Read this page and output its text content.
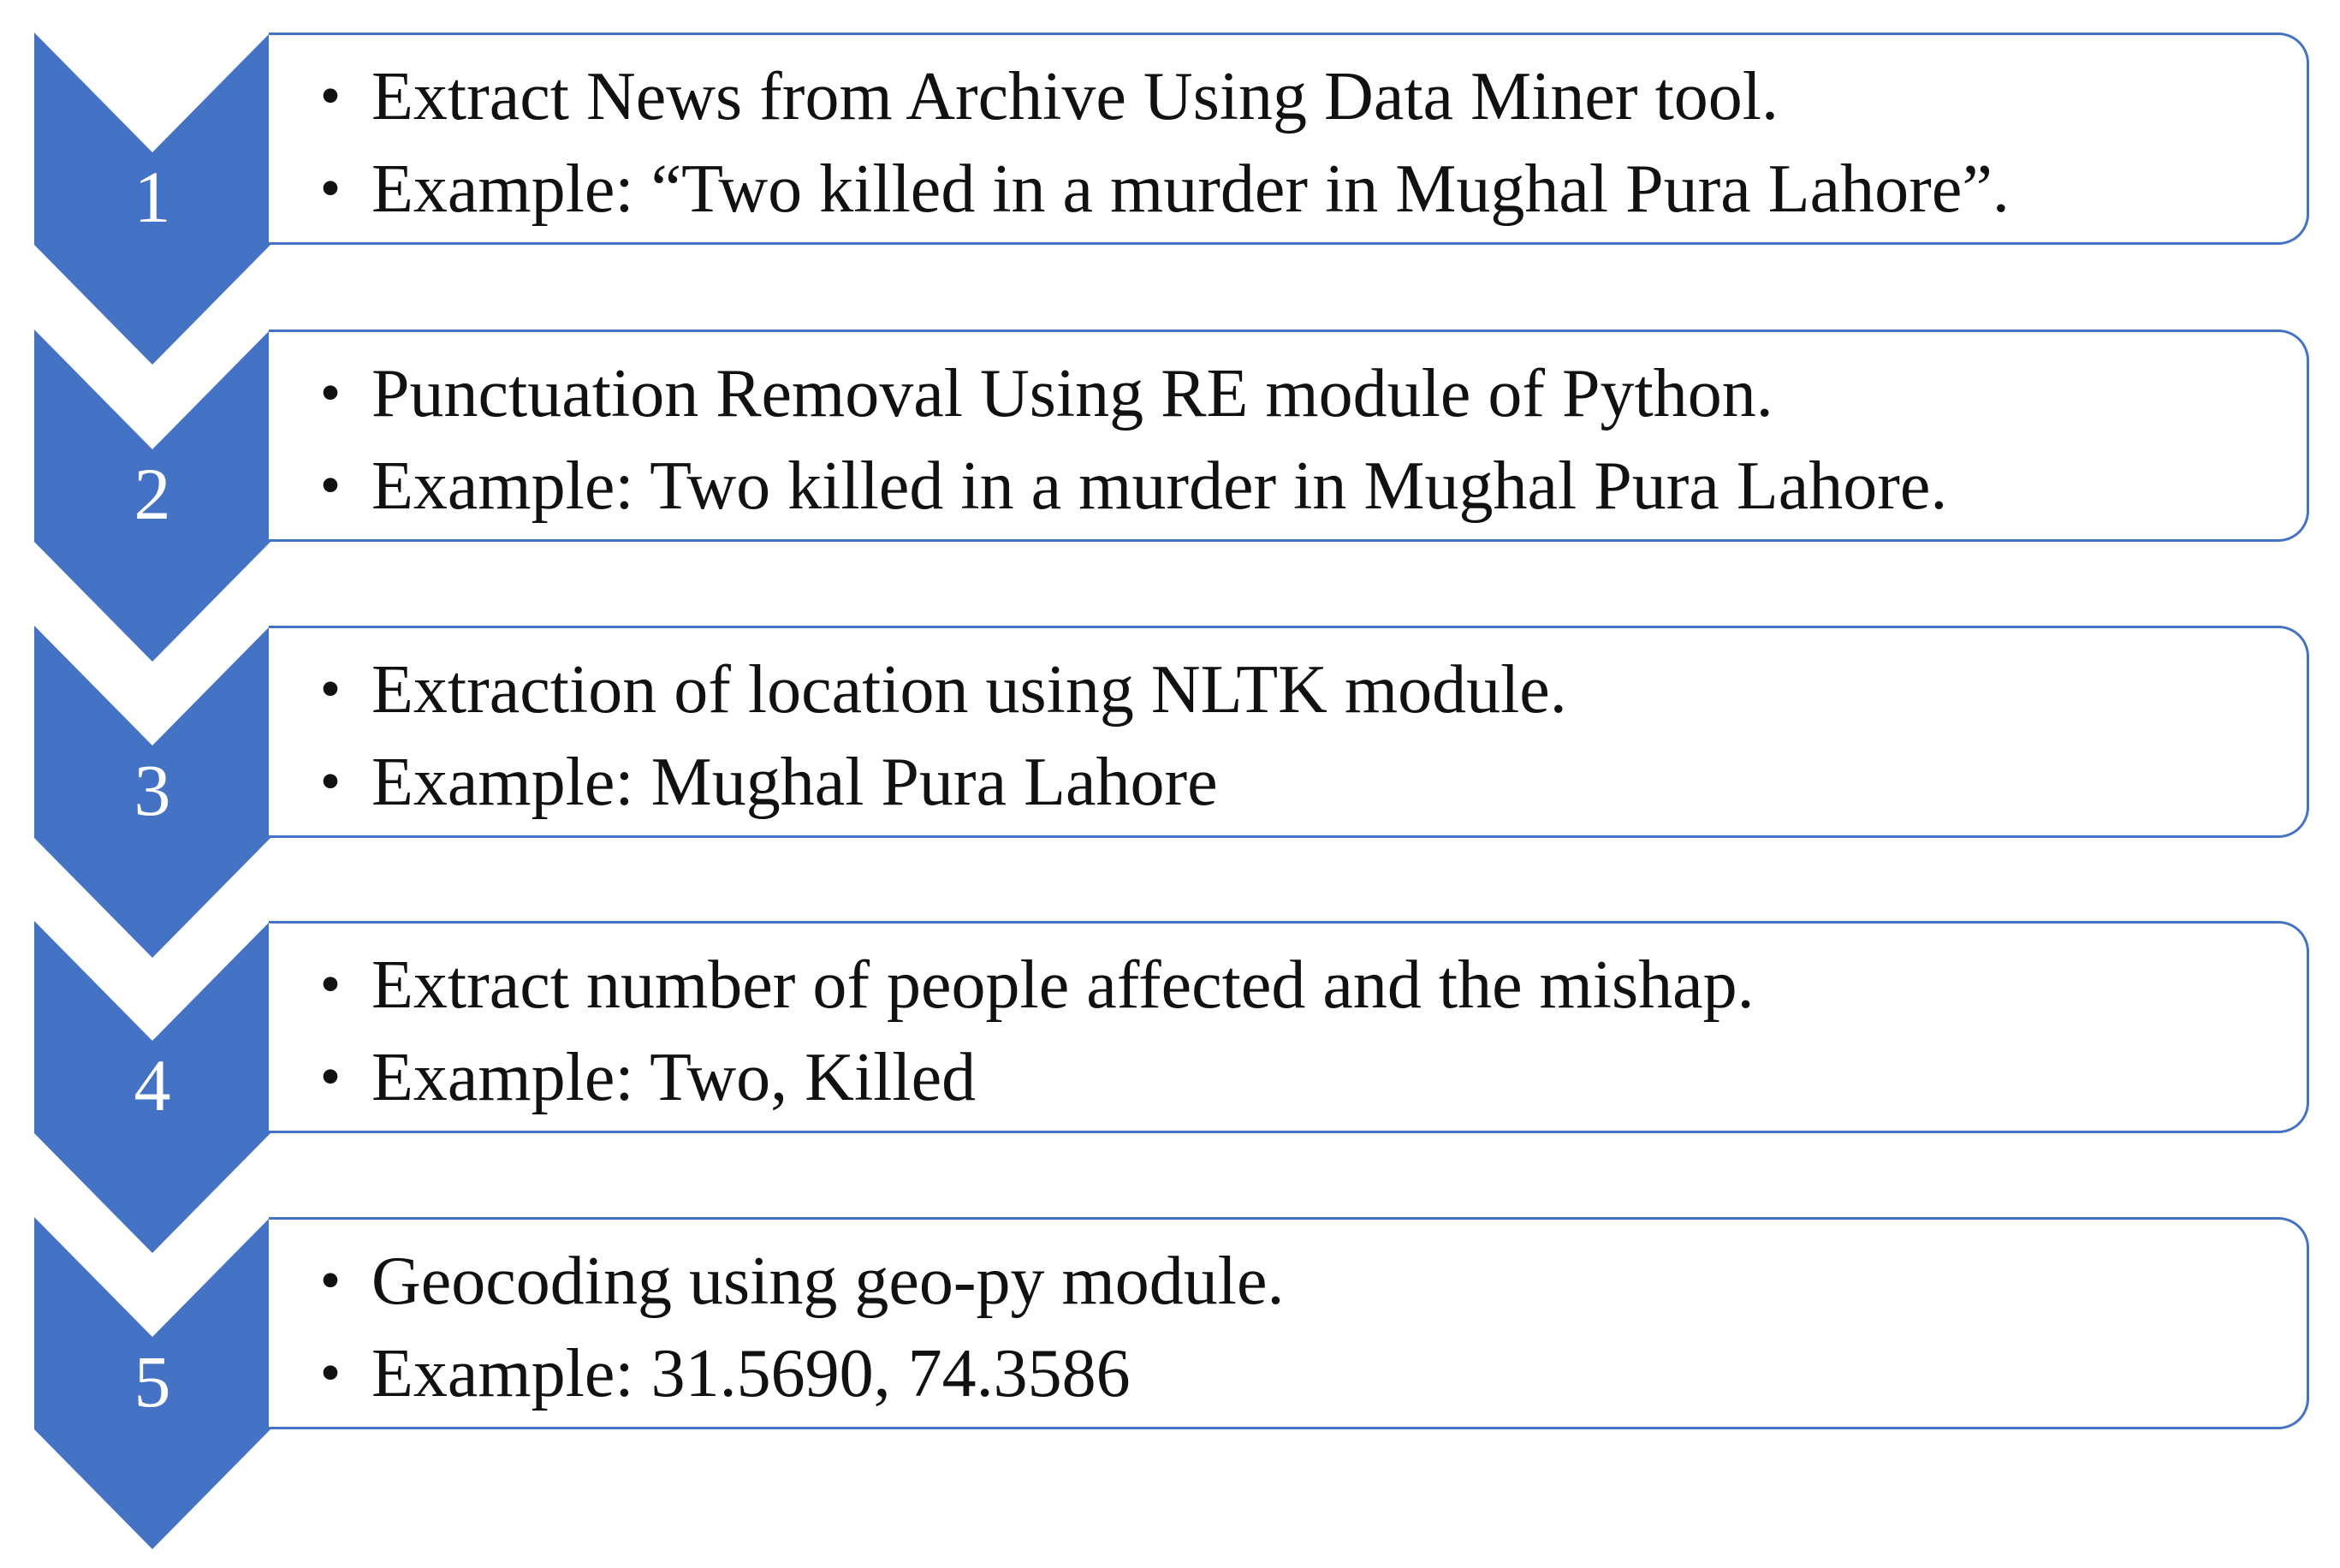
1
• Extract News from Archive Using Data Miner tool.
• Example: “Two killed in a murder in Mughal Pura Lahore”.
2
• Punctuation Removal Using RE module of Python.
• Example: Two killed in a murder in Mughal Pura Lahore.
3
• Extraction of location using NLTK module.
• Example: Mughal Pura Lahore
4
• Extract number of people affected and the mishap.
• Example: Two, Killed
5
• Geocoding using geo-py module.
• Example: 31.5690, 74.3586
